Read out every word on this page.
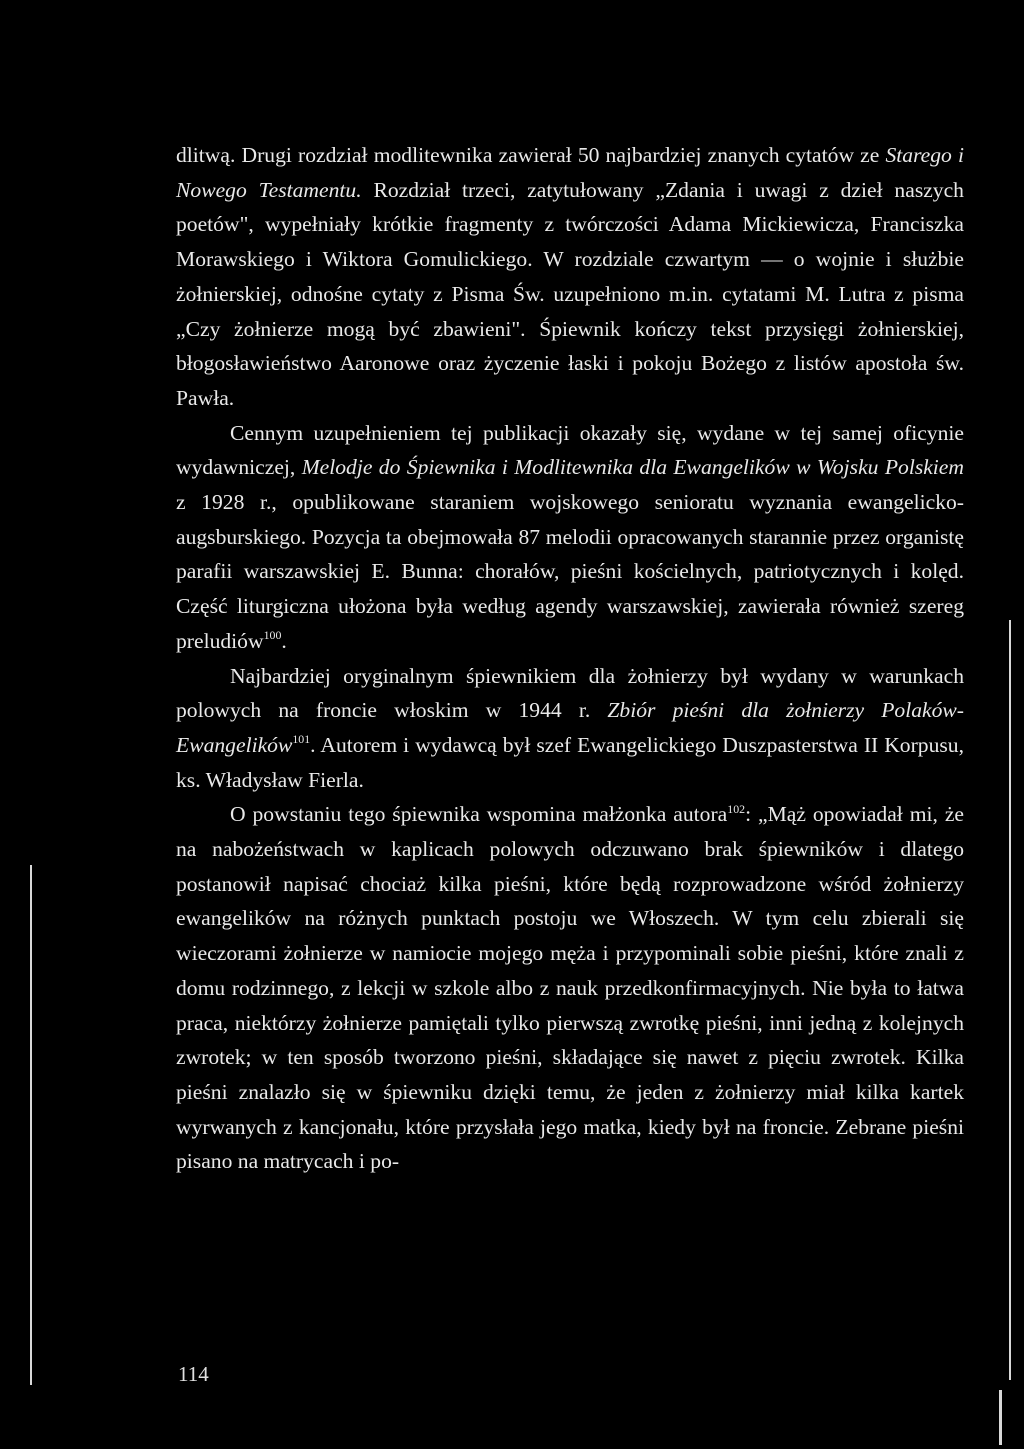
dlitwą. Drugi rozdział modlitewnika zawierał 50 najbardziej znanych cytatów ze Starego i Nowego Testamentu. Rozdział trzeci, zatytułowany „Zdania i uwagi z dzieł naszych poetów", wypełniały krótkie fragmenty z twórczości Adama Mickiewicza, Franciszka Morawskiego i Wiktora Gomulickiego. W rozdziale czwartym — o wojnie i służbie żołnierskiej, odnośne cytaty z Pisma Św. uzupełniono m.in. cytatami M. Lutra z pisma „Czy żołnierze mogą być zbawieni". Śpiewnik kończy tekst przysięgi żołnierskiej, błogosławieństwo Aaronowe oraz życzenie łaski i pokoju Bożego z listów apostoła św. Pawła.

Cennym uzupełnieniem tej publikacji okazały się, wydane w tej samej oficynie wydawniczej, Melodje do Śpiewnika i Modlitewnika dla Ewangelików w Wojsku Polskiem z 1928 r., opublikowane staraniem wojskowego senioratu wyznania ewangelicko-augsburskiego. Pozycja ta obejmowała 87 melodii opracowanych starannie przez organistę parafii warszawskiej E. Bunna: chorałów, pieśni kościelnych, patriotycznych i kolęd. Część liturgiczna ułożona była według agendy warszawskiej, zawierała również szereg preludiów$^{100}$.

Najbardziej oryginalnym śpiewnikiem dla żołnierzy był wydany w warunkach polowych na froncie włoskim w 1944 r. Zbiór pieśni dla żołnierzy Polaków-Ewangelików$^{101}$. Autorem i wydawcą był szef Ewangelickiego Duszpasterstwa II Korpusu, ks. Władysław Fierla.

O powstaniu tego śpiewnika wspomina małżonka autora$^{102}$: „Mąż opowiadał mi, że na nabożeństwach w kaplicach polowych odczuwano brak śpiewników i dlatego postanowił napisać chociaż kilka pieśni, które będą rozprowadzone wśród żołnierzy ewangelików na różnych punktach postoju we Włoszech. W tym celu zbierali się wieczorami żołnierze w namiocie mojego męża i przypominali sobie pieśni, które znali z domu rodzinnego, z lekcji w szkole albo z nauk przedkonfirmacyjnych. Nie była to łatwa praca, niektórzy żołnierze pamiętali tylko pierwszą zwrotkę pieśni, inni jedną z kolejnych zwrotek; w ten sposób tworzono pieśni, składające się nawet z pięciu zwrotek. Kilka pieśni znalazło się w śpiewniku dzięki temu, że jeden z żołnierzy miał kilka kartek wyrwanych z kancjonału, które przysłała jego matka, kiedy był na froncie. Zebrane pieśni pisano na matrycach i po-

114
